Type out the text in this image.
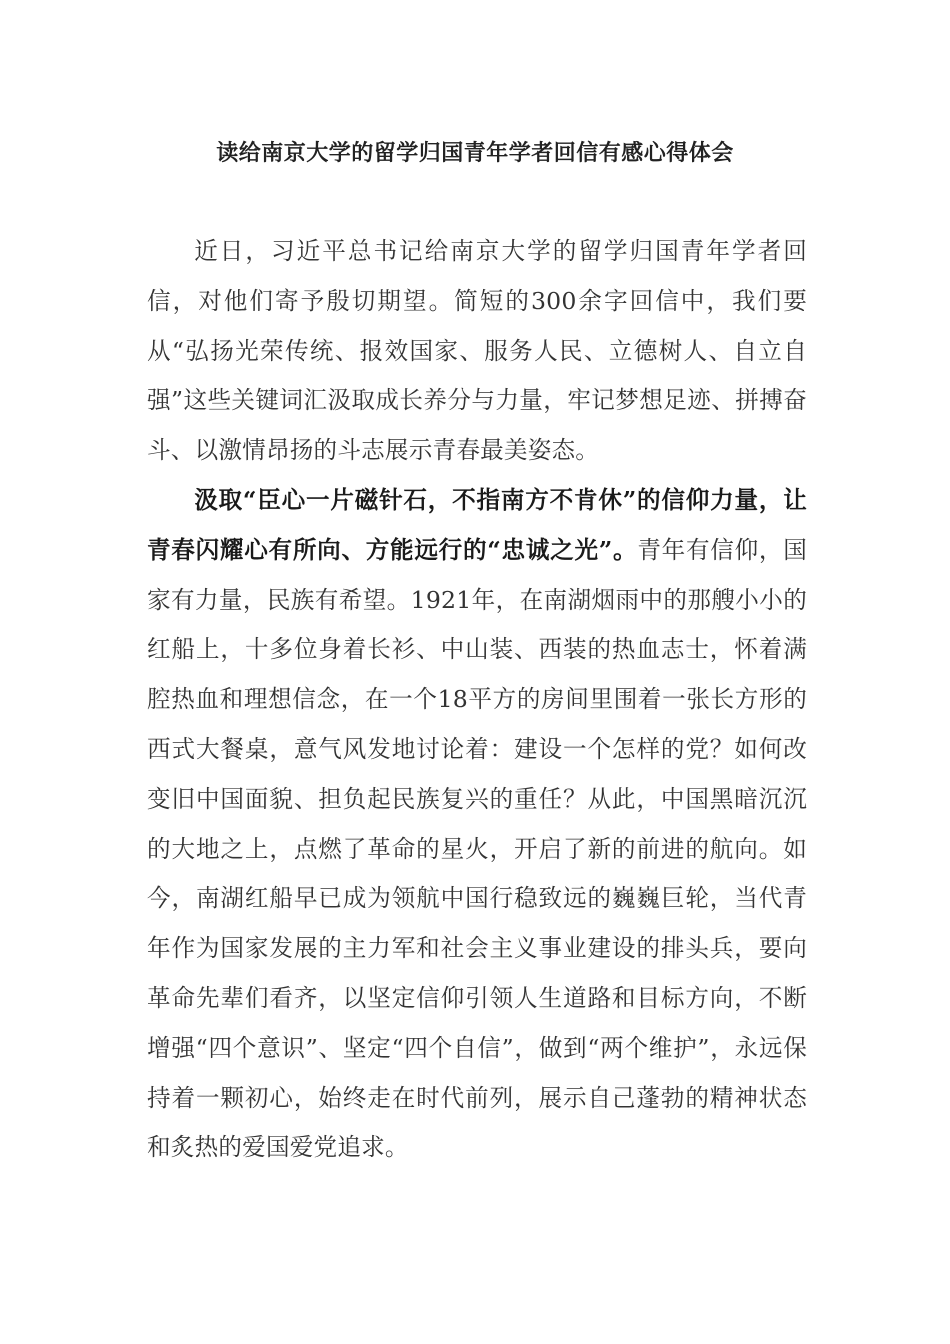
读给南京大学的留学归国青年学者回信有感心得体会

近日，习近平总书记给南京大学的留学归国青年学者回信，对他们寄予殷切期望。简短的300余字回信中，我们要从“弘扬光荣传统、报效国家、服务人民、立德树人、自立自强”这些关键词汇汲取成长养分与力量，牢记梦想足迹、拼搏奋斗、以激情昂扬的斗志展示青春最美姿态。

汲取“臣心一片磁针石，不指南方不肯休”的信仰力量，让青春闪耀心有所向、方能远行的“忠诚之光”。青年有信仰，国家有力量，民族有希望。1921年，在南湖烟雨中的那艘小小的红船上，十多位身着长衫、中山装、西装的热血志士，怀着满腔热血和理想信念，在一个18平方的房间里围着一张长方形的西式大餐桌，意气风发地讨论着：建设一个怎样的党？如何改变旧中国面貌、担负起民族复兴的重任？从此，中国黑暗沉沉的大地之上，点燃了革命的星火，开启了新的前进的航向。如今，南湖红船早已成为领航中国行稳致远的巍巍巨轮，当代青年作为国家发展的主力军和社会主义事业建设的排头兵，要向革命先辈们看齐，以坚定信仰引领人生道路和目标方向，不断增强“四个意识”、坚定“四个自信”，做到“两个维护”，永远保持着一颗初心，始终走在时代前列，展示自己蓬勃的精神状态和炙热的爱国爱党追求。
